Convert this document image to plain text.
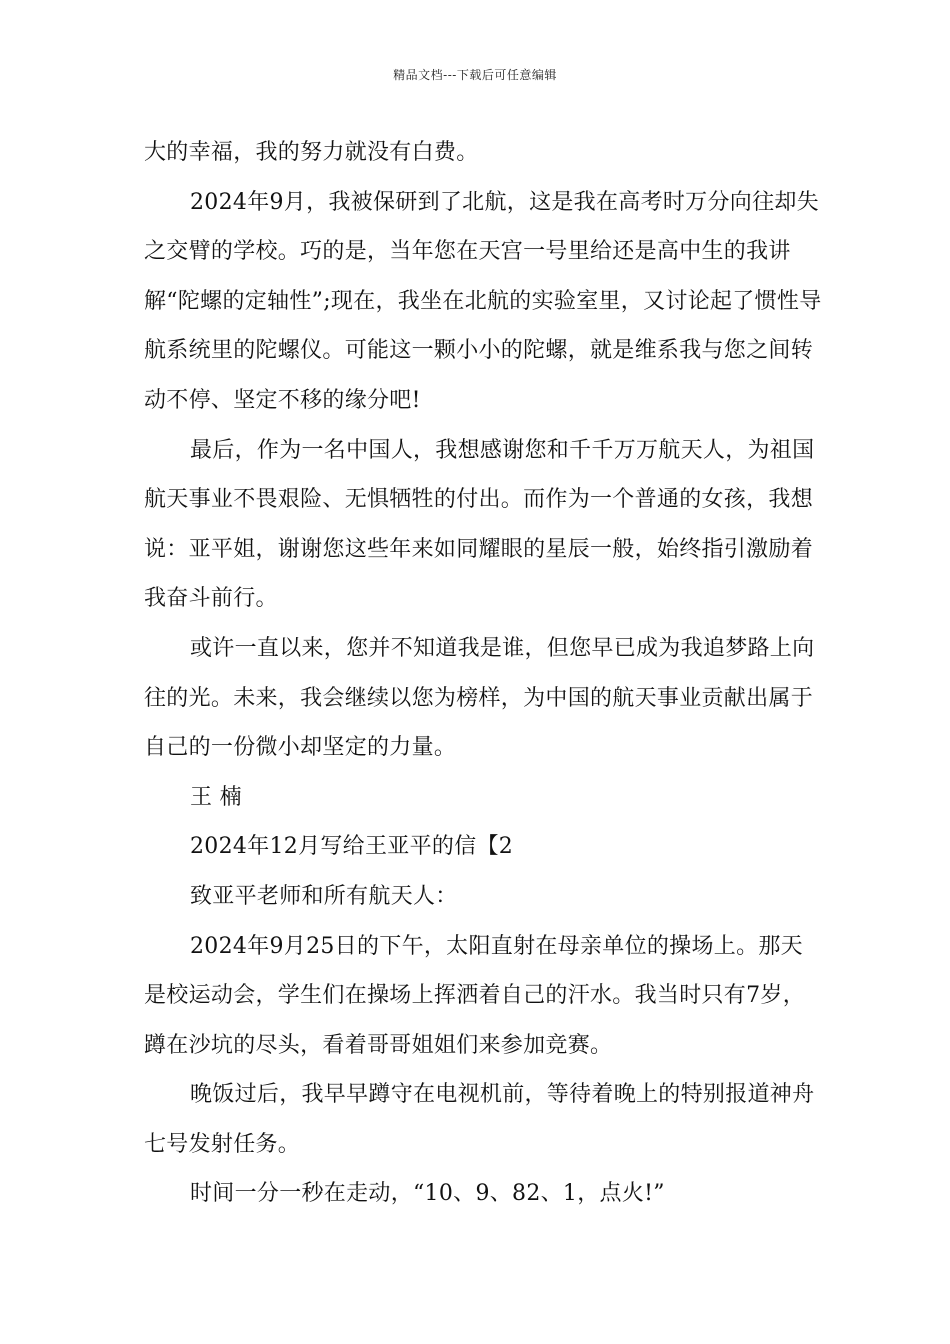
精品文档---下载后可任意编辑

大的幸福，我的努力就没有白费。

2024年9月，我被保研到了北航，这是我在高考时万分向往却失之交臂的学校。巧的是，当年您在天宫一号里给还是高中生的我讲解“陀螺的定轴性”;现在，我坐在北航的实验室里，又讨论起了惯性导航系统里的陀螺仪。可能这一颗小小的陀螺，就是维系我与您之间转动不停、坚定不移的缘分吧!

最后，作为一名中国人，我想感谢您和千千万万航天人，为祖国航天事业不畏艰险、无惧牺牲的付出。而作为一个普通的女孩，我想说：亚平姐，谢谢您这些年来如同耀眼的星辰一般，始终指引激励着我奋斗前行。

或许一直以来，您并不知道我是谁，但您早已成为我追梦路上向往的光。未来，我会继续以您为榜样，为中国的航天事业贡献出属于自己的一份微小却坚定的力量。

王 楠

2024年12月写给王亚平的信【2

致亚平老师和所有航天人：

2024年9月25日的下午，太阳直射在母亲单位的操场上。那天是校运动会，学生们在操场上挥洒着自己的汗水。我当时只有7岁，蹲在沙坑的尽头，看着哥哥姐姐们来参加竞赛。

晚饭过后，我早早蹲守在电视机前，等待着晚上的特别报道神舟七号发射任务。

时间一分一秒在走动，“10、9、82、1，点火!”
